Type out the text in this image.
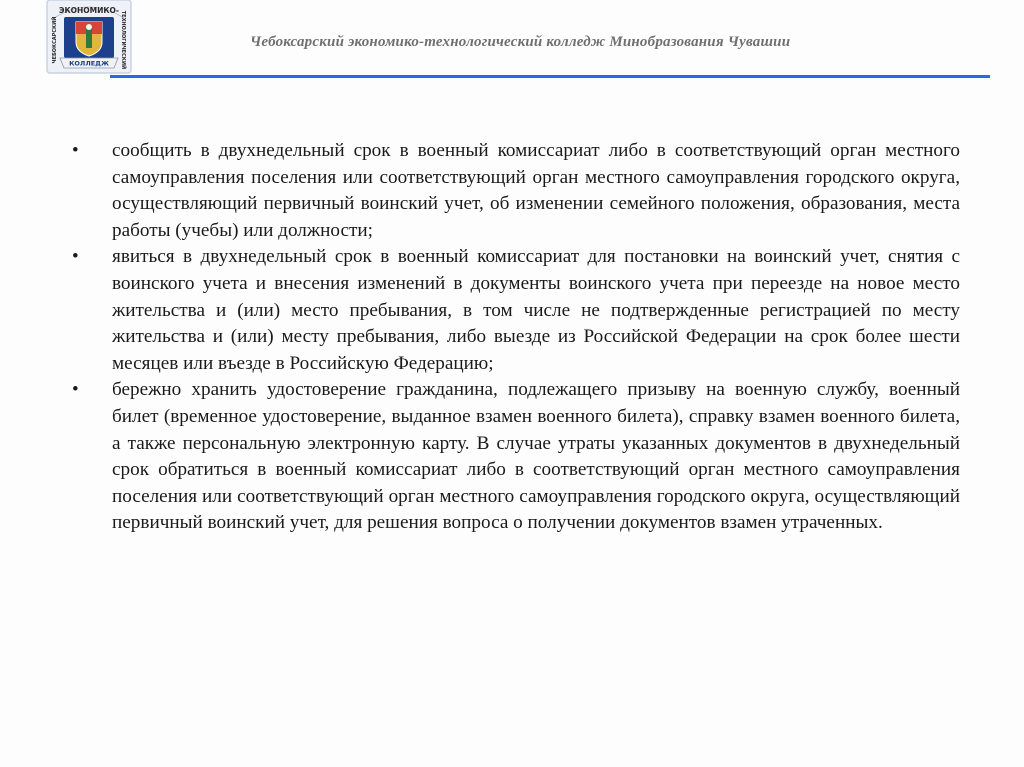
ЭКОНОМИКО-
ЧЕБОКСАРСКИЙ	ТЕХНОЛОГИЧЕСКИЙ
КОЛЛЕДЖ
Чебоксарский экономико-технологический колледж Минобразования Чувашии
•	сообщить в двухнедельный срок в военный комиссариат либо в соответствующий орган местного самоуправления поселения или соответствующий орган местного самоуправления городского округа, осуществляющий первичный воинский учет, об изменении семейного положения, образования, места работы (учебы) или должности;

•	явиться в двухнедельный срок в военный комиссариат для постановки на воинский учет, снятия с воинского учета и внесения изменений в документы воинского учета при переезде на новое место жительства и (или) место пребывания, в том числе не подтвержденные регистрацией по месту жительства и (или) месту пребывания, либо выезде из Российской Федерации на срок более шести месяцев или въезде в Российскую Федерацию;

•	бережно хранить удостоверение гражданина, подлежащего призыву на военную службу, военный билет (временное удостоверение, выданное взамен военного билета), справку взамен военного билета, а также персональную электронную карту. В случае утраты указанных документов в двухнедельный срок обратиться в военный комиссариат либо в соответствующий орган местного самоуправления поселения или соответствующий орган местного самоуправления городского округа, осуществляющий первичный воинский учет, для решения вопроса о получении документов взамен утраченных.
